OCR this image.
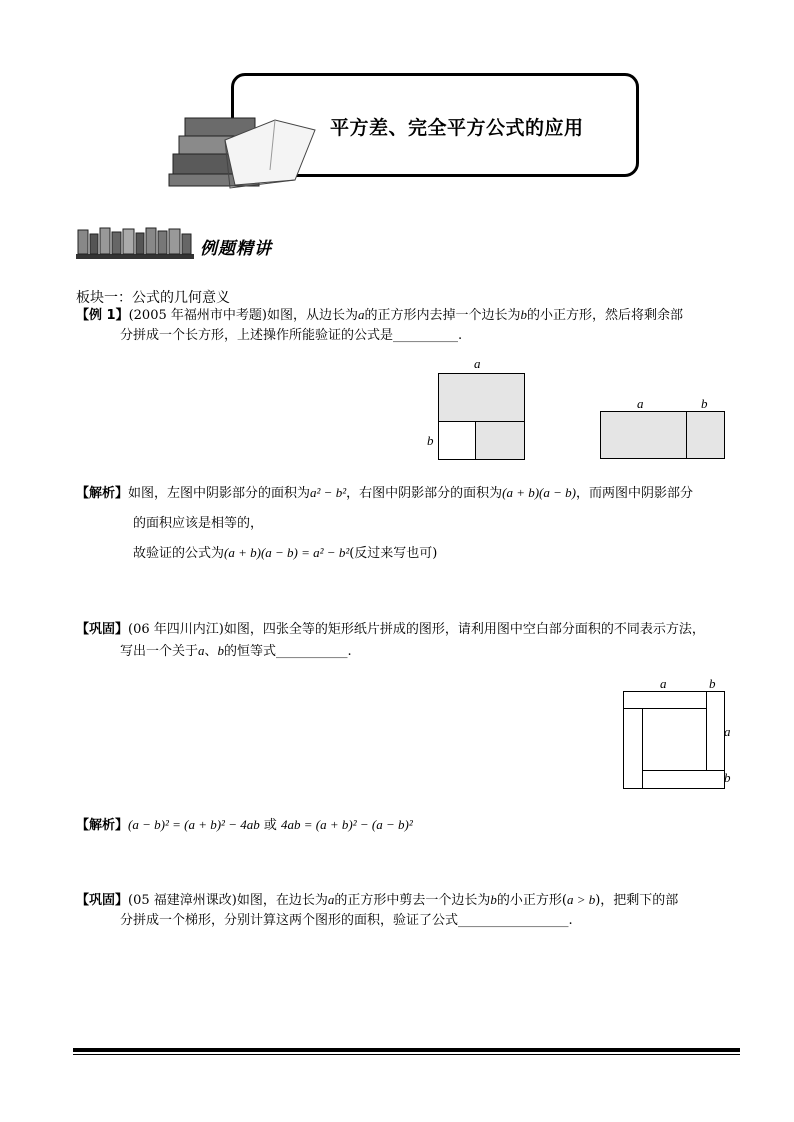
平方差、完全平方公式的应用
例题精讲
板块一：公式的几何意义
【例 1】(2005 年福州市中考题)如图，从边长为a的正方形内去掉一个边长为b的小正方形，然后将剩余部
分拼成一个长方形，上述操作所能验证的公式是__________.
a
b
a	b
【解析】如图，左图中阴影部分的面积为a² − b²，右图中阴影部分的面积为(a + b)(a − b)，而两图中阴影部分
的面积应该是相等的，
故验证的公式为(a + b)(a − b) = a² − b²(反过来写也可)
【巩固】(06 年四川内江)如图，四张全等的矩形纸片拼成的图形，请利用图中空白部分面积的不同表示方法，
写出一个关于a、b的恒等式___________.
a	b
a
b
【解析】(a − b)² = (a + b)² − 4ab 或 4ab = (a + b)² − (a − b)²
【巩固】(05 福建漳州课改)如图，在边长为a的正方形中剪去一个边长为b的小正方形(a > b)，把剩下的部
分拼成一个梯形，分别计算这两个图形的面积，验证了公式_________________.
